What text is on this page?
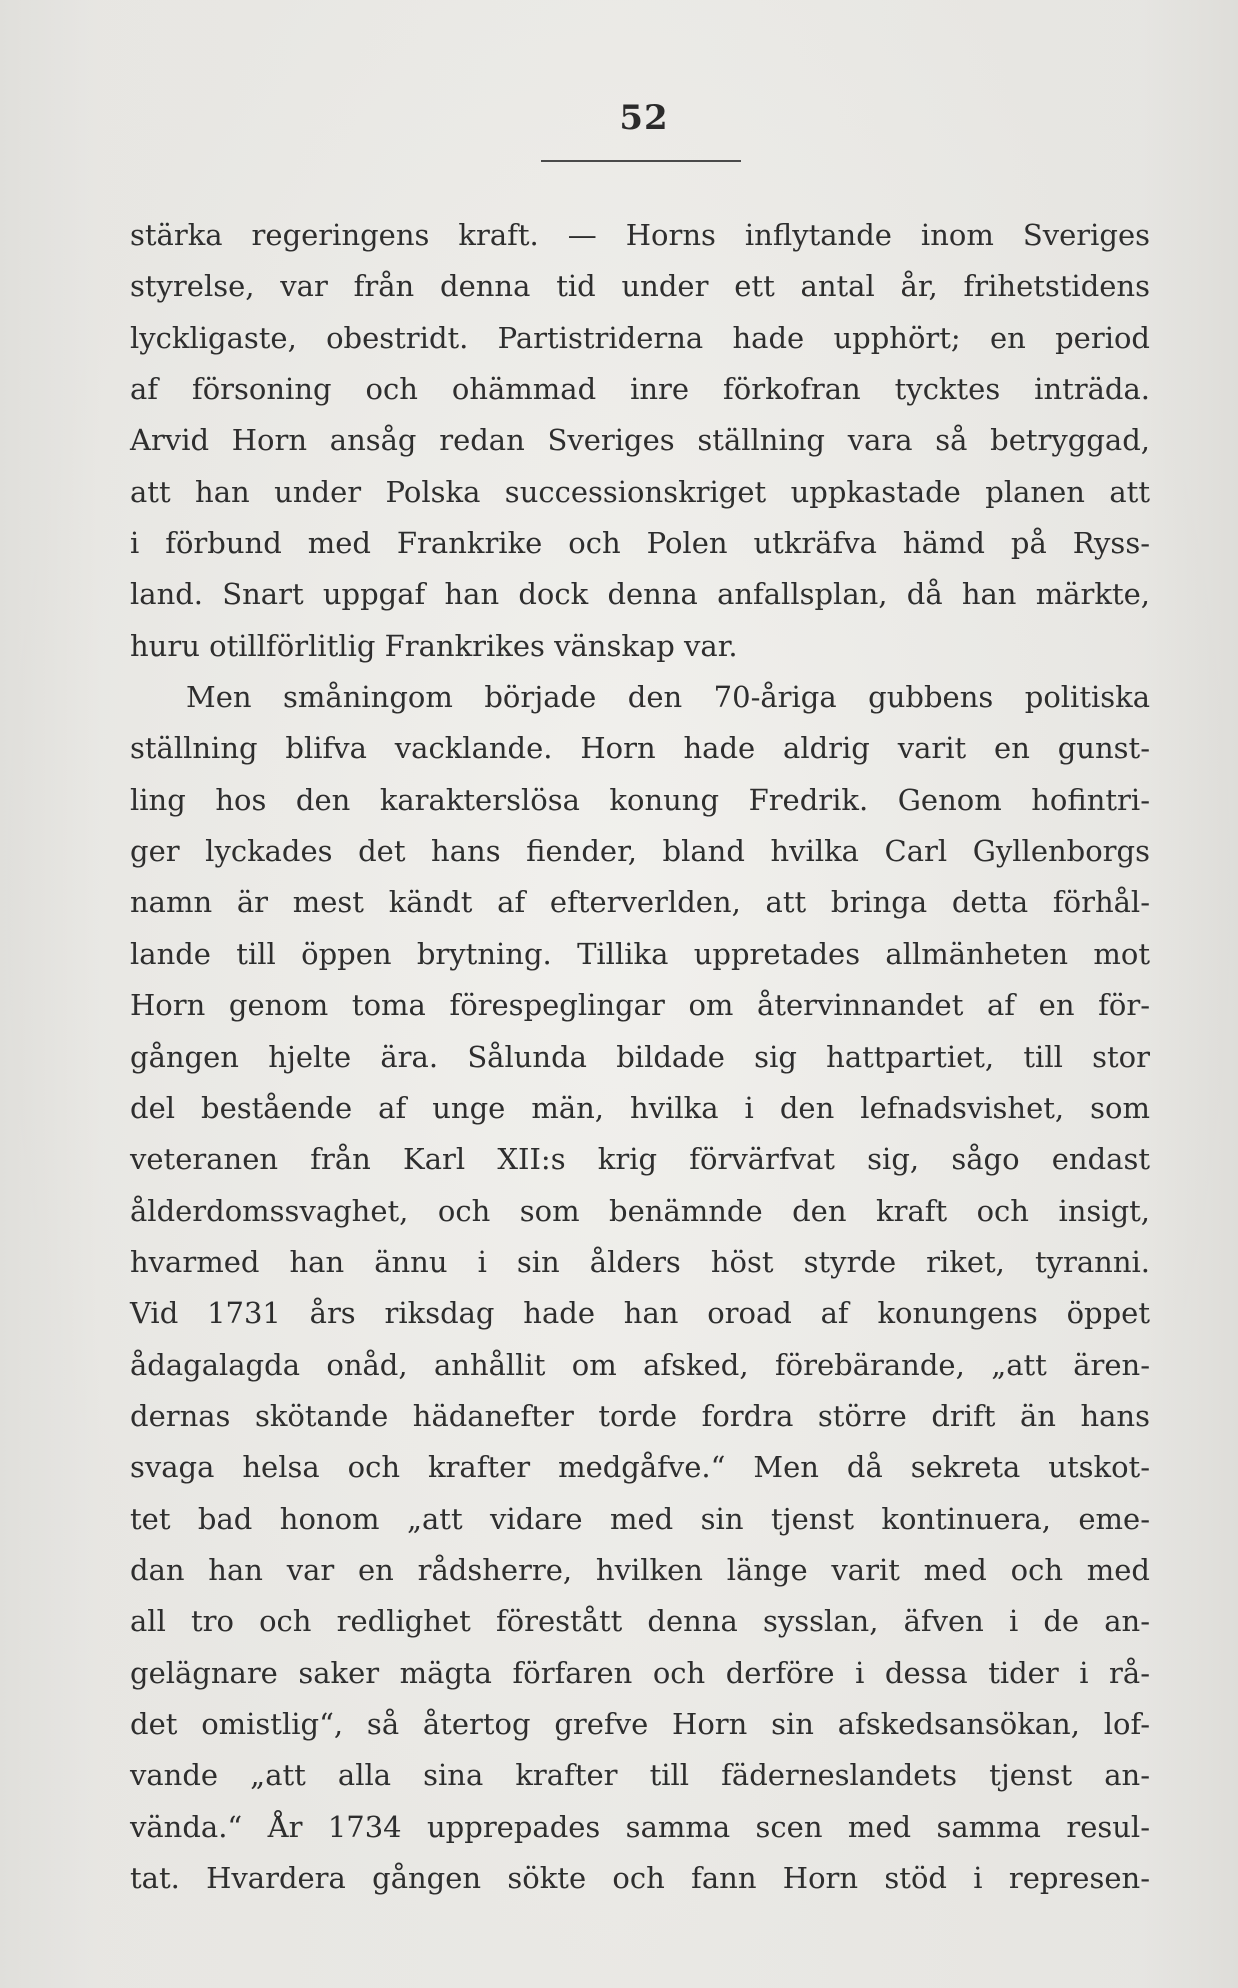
52
stärka regeringens kraft. — Horns inflytande inom Sveriges
styrelse, var från denna tid under ett antal år, frihetstidens
lyckligaste, obestridt. Partistriderna hade upphört; en period
af försoning och ohämmad inre förkofran tycktes inträda.
Arvid Horn ansåg redan Sveriges ställning vara så betryggad,
att han under Polska successionskriget uppkastade planen att
i förbund med Frankrike och Polen utkräfva hämd på Ryss-
land. Snart uppgaf han dock denna anfallsplan, då han märkte,
huru otillförlitlig Frankrikes vänskap var.
Men småningom började den 70-åriga gubbens politiska
ställning blifva vacklande. Horn hade aldrig varit en gunst-
ling hos den karakterslösa konung Fredrik. Genom hofintri-
ger lyckades det hans fiender, bland hvilka Carl Gyllenborgs
namn är mest kändt af efterverlden, att bringa detta förhål-
lande till öppen brytning. Tillika uppretades allmänheten mot
Horn genom toma förespeglingar om återvinnandet af en för-
gången hjelte ära. Sålunda bildade sig hattpartiet, till stor
del bestående af unge män, hvilka i den lefnadsvishet, som
veteranen från Karl XII:s krig förvärfvat sig, sågo endast
ålderdomssvaghet, och som benämnde den kraft och insigt,
hvarmed han ännu i sin ålders höst styrde riket, tyranni.
Vid 1731 års riksdag hade han oroad af konungens öppet
ådagalagda onåd, anhållit om afsked, förebärande, „att ären-
dernas skötande hädanefter torde fordra större drift än hans
svaga helsa och krafter medgåfve.“ Men då sekreta utskot-
tet bad honom „att vidare med sin tjenst kontinuera, eme-
dan han var en rådsherre, hvilken länge varit med och med
all tro och redlighet förestått denna sysslan, äfven i de an-
gelägnare saker mägta förfaren och derföre i dessa tider i rå-
det omistlig“, så återtog grefve Horn sin afskedsansökan, lof-
vande „att alla sina krafter till fäderneslandets tjenst an-
vända.“ År 1734 upprepades samma scen med samma resul-
tat. Hvardera gången sökte och fann Horn stöd i represen-
